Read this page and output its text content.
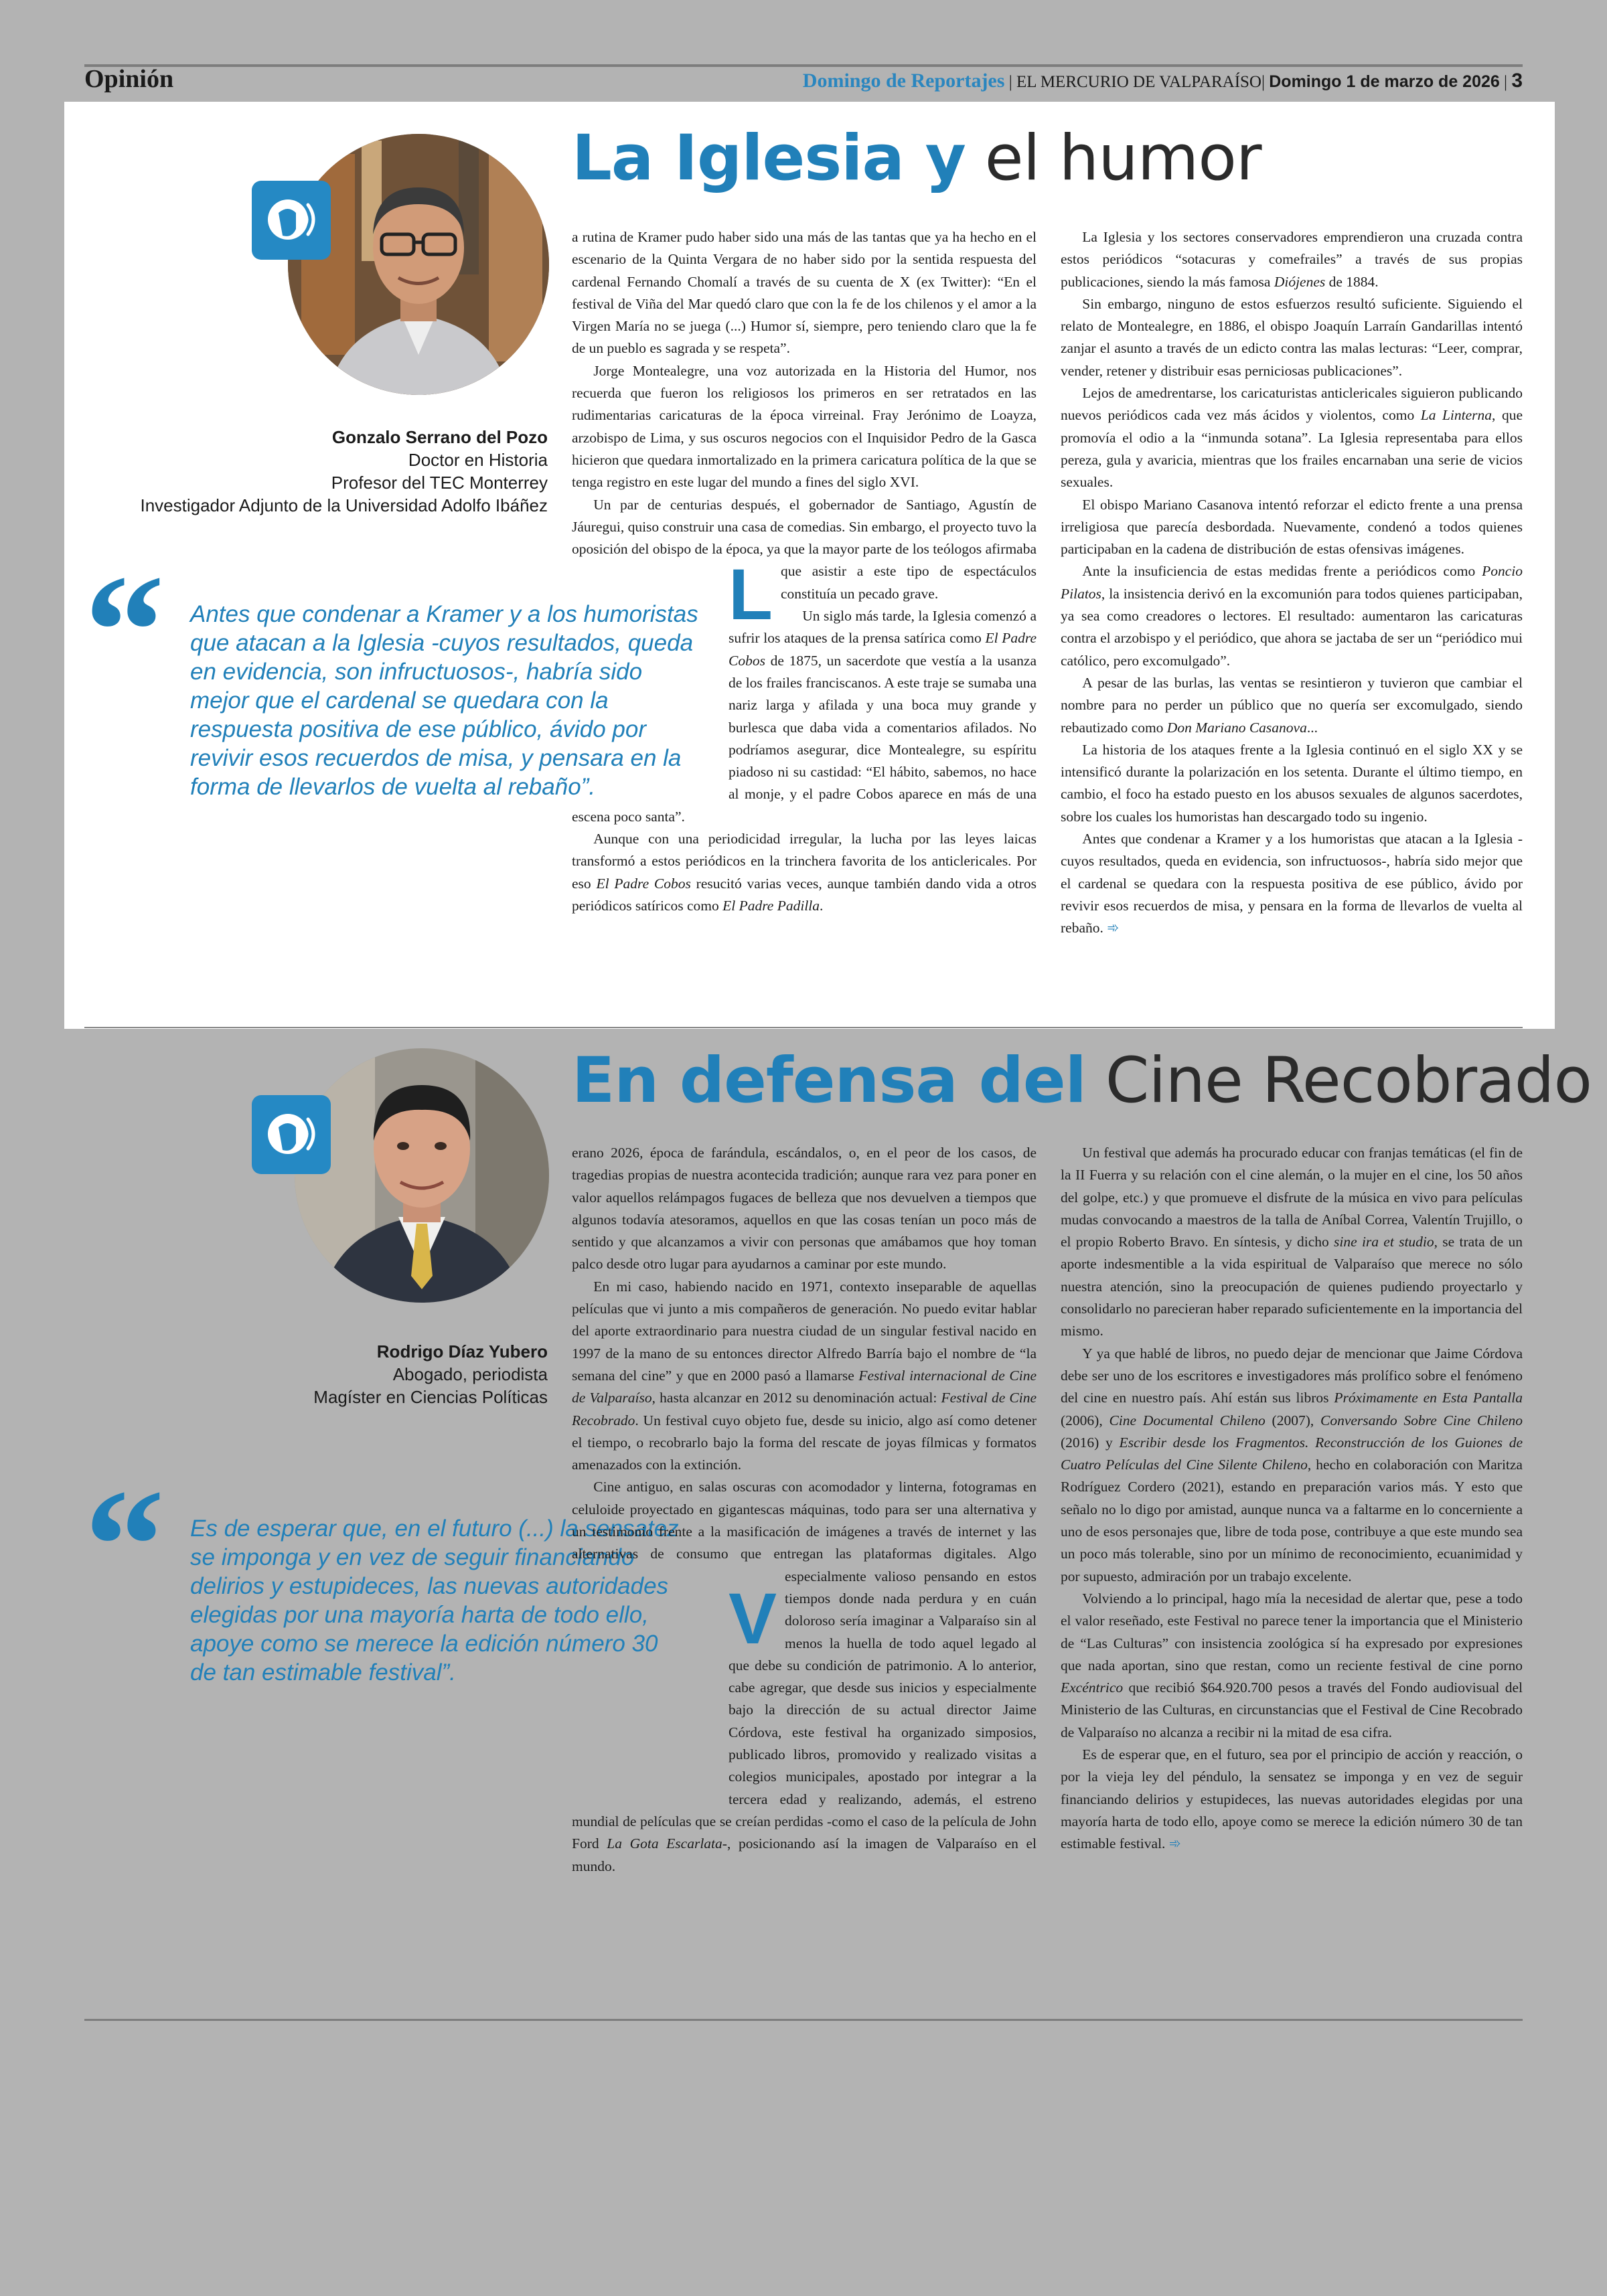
Opinión	Domingo de Reportajes | EL MERCURIO DE VALPARAÍSO| Domingo 1 de marzo de 2026 | 3
La Iglesia y el humor
Gonzalo Serrano del Pozo
Doctor en Historia
Profesor del TEC Monterrey
Investigador Adjunto de la Universidad Adolfo Ibáñez
“ Antes que condenar a Kramer y a los humoristas que atacan a la Iglesia -cuyos resultados, queda en evidencia, son infructuosos-, habría sido mejor que el cardenal se quedara con la respuesta positiva de ese público, ávido por revivir esos recuerdos de misa, y pensara en la forma de llevarlos de vuelta al rebaño”.

L
a rutina de Kramer pudo haber sido una más de las tantas que ya ha hecho en el escenario de la Quinta Vergara de no haber sido por la sentida respuesta del cardenal Fernando Chomalí a través de su cuenta de X (ex Twitter): “En el festival de Viña del Mar quedó claro que con la fe de los chilenos y el amor a la Virgen María no se juega (...) Humor sí, siempre, pero teniendo claro que la fe de un pueblo es sagrada y se respeta”.

Jorge Montealegre, una voz autorizada en la Historia del Humor, nos recuerda que fueron los religiosos los primeros en ser retratados en las rudimentarias caricaturas de la época virreinal. Fray Jerónimo de Loayza, arzobispo de Lima, y sus oscuros negocios con el Inquisidor Pedro de la Gasca hicieron que quedara inmortalizado en la primera caricatura política de la que se tenga registro en este lugar del mundo a fines del siglo XVI.

Un par de centurias después, el gobernador de Santiago, Agustín de Jáuregui, quiso construir una casa de comedias. Sin embargo, el proyecto tuvo la oposición del obispo de la época, ya que la mayor parte de los teólogos afirmaba que asistir a este tipo de espectáculos constituía un pecado grave.

Un siglo más tarde, la Iglesia comenzó a sufrir los ataques de la prensa satírica como El Padre Cobos de 1875, un sacerdote que vestía a la usanza de los frailes franciscanos. A este traje se sumaba una nariz larga y afilada y una boca muy grande y burlesca que daba vida a comentarios afilados. No podríamos asegurar, dice Montealegre, su espíritu piadoso ni su castidad: “El hábito, sabemos, no hace al monje, y el padre Cobos aparece en más de una escena poco santa”.

Aunque con una periodicidad irregular, la lucha por las leyes laicas transformó a estos periódicos en la trinchera favorita de los anticlericales. Por eso El Padre Cobos resucitó varias veces, aunque también dando vida a otros periódicos satíricos como El Padre Padilla.

La Iglesia y los sectores conservadores emprendieron una cruzada contra estos periódicos “sotacuras y comefrailes” a través de sus propias publicaciones, siendo la más famosa Diójenes de 1884.

Sin embargo, ninguno de estos esfuerzos resultó suficiente. Siguiendo el relato de Montealegre, en 1886, el obispo Joaquín Larraín Gandarillas intentó zanjar el asunto a través de un edicto contra las malas lecturas: “Leer, comprar, vender, retener y distribuir esas perniciosas publicaciones”.

Lejos de amedrentarse, los caricaturistas anticlericales siguieron publicando nuevos periódicos cada vez más ácidos y violentos, como La Linterna, que promovía el odio a la “inmunda sotana”. La Iglesia representaba para ellos pereza, gula y avaricia, mientras que los frailes encarnaban una serie de vicios sexuales.

El obispo Mariano Casanova intentó reforzar el edicto frente a una prensa irreligiosa que parecía desbordada. Nuevamente, condenó a todos quienes participaban en la cadena de distribución de estas ofensivas imágenes.

Ante la insuficiencia de estas medidas frente a periódicos como Poncio Pilatos, la insistencia derivó en la excomunión para todos quienes participaban, ya sea como creadores o lectores. El resultado: aumentaron las caricaturas contra el arzobispo y el periódico, que ahora se jactaba de ser un “periódico mui católico, pero excomulgado”.

A pesar de las burlas, las ventas se resintieron y tuvieron que cambiar el nombre para no perder un público que no quería ser excomulgado, siendo rebautizado como Don Mariano Casanova...

La historia de los ataques frente a la Iglesia continuó en el siglo XX y se intensificó durante la polarización en los setenta. Durante el último tiempo, en cambio, el foco ha estado puesto en los abusos sexuales de algunos sacerdotes, sobre los cuales los humoristas han descargado todo su ingenio.

Antes que condenar a Kramer y a los humoristas que atacan a la Iglesia -cuyos resultados, queda en evidencia, son infructuosos-, habría sido mejor que el cardenal se quedara con la respuesta positiva de ese público, ávido por revivir esos recuerdos de misa, y pensara en la forma de llevarlos de vuelta al rebaño. ➾

En defensa del Cine Recobrado
Rodrigo Díaz Yubero
Abogado, periodista
Magíster en Ciencias Políticas
“ Es de esperar que, en el futuro (...) la sensatez se imponga y en vez de seguir financiando delirios y estupideces, las nuevas autoridades elegidas por una mayoría harta de todo ello, apoye como se merece la edición número 30 de tan estimable festival”.

V
erano 2026, época de farándula, escándalos, o, en el peor de los casos, de tragedias propias de nuestra acontecida tradición; aunque rara vez para poner en valor aquellos relámpagos fugaces de belleza que nos devuelven a tiempos que algunos todavía atesoramos, aquellos en que las cosas tenían un poco más de sentido y que alcanzamos a vivir con personas que amábamos que hoy toman palco desde otro lugar para ayudarnos a caminar por este mundo.

En mi caso, habiendo nacido en 1971, contexto inseparable de aquellas películas que vi junto a mis compañeros de generación. No puedo evitar hablar del aporte extraordinario para nuestra ciudad de un singular festival nacido en 1997 de la mano de su entonces director Alfredo Barría bajo el nombre de “la semana del cine” y que en 2000 pasó a llamarse Festival internacional de Cine de Valparaíso, hasta alcanzar en 2012 su denominación actual: Festival de Cine Recobrado. Un festival cuyo objeto fue, desde su inicio, algo así como detener el tiempo, o recobrarlo bajo la forma del rescate de joyas fílmicas y formatos amenazados con la extinción.

Cine antiguo, en salas oscuras con acomodador y linterna, fotogramas en celuloide proyectado en gigantescas máquinas, todo para ser una alternativa y un testimonio frente a la masificación de imágenes a través de internet y las alternativas de consumo que entregan las plataformas digitales. Algo especialmente valioso pensando en estos tiempos donde nada perdura y en cuán doloroso sería imaginar a Valparaíso sin al menos la huella de todo aquel legado al que debe su condición de patrimonio. A lo anterior, cabe agregar, que desde sus inicios y especialmente bajo la dirección de su actual director Jaime Córdova, este festival ha organizado simposios, publicado libros, promovido y realizado visitas a colegios municipales, apostado por integrar a la tercera edad y realizando, además, el estreno mundial de películas que se creían perdidas -como el caso de la película de John Ford La Gota Escarlata-, posicionando así la imagen de Valparaíso en el mundo.

Un festival que además ha procurado educar con franjas temáticas (el fin de la II Fuerra y su relación con el cine alemán, o la mujer en el cine, los 50 años del golpe, etc.) y que promueve el disfrute de la música en vivo para películas mudas convocando a maestros de la talla de Aníbal Correa, Valentín Trujillo, o el propio Roberto Bravo. En síntesis, y dicho sine ira et studio, se trata de un aporte indesmentible a la vida espiritual de Valparaíso que merece no sólo nuestra atención, sino la preocupación de quienes pudiendo proyectarlo y consolidarlo no parecieran haber reparado suficientemente en la importancia del mismo.

Y ya que hablé de libros, no puedo dejar de mencionar que Jaime Córdova debe ser uno de los escritores e investigadores más prolífico sobre el fenómeno del cine en nuestro país. Ahí están sus libros Próximamente en Esta Pantalla (2006), Cine Documental Chileno (2007), Conversando Sobre Cine Chileno (2016) y Escribir desde los Fragmentos. Reconstrucción de los Guiones de Cuatro Películas del Cine Silente Chileno, hecho en colaboración con Maritza Rodríguez Cordero (2021), estando en preparación varios más. Y esto que señalo no lo digo por amistad, aunque nunca va a faltarme en lo concerniente a uno de esos personajes que, libre de toda pose, contribuye a que este mundo sea un poco más tolerable, sino por un mínimo de reconocimiento, ecuanimidad y por supuesto, admiración por un trabajo excelente.

Volviendo a lo principal, hago mía la necesidad de alertar que, pese a todo el valor reseñado, este Festival no parece tener la importancia que el Ministerio de “Las Culturas” con insistencia zoológica sí ha expresado por expresiones que nada aportan, sino que restan, como un reciente festival de cine porno Excéntrico que recibió $64.920.700 pesos a través del Fondo audiovisual del Ministerio de las Culturas, en circunstancias que el Festival de Cine Recobrado de Valparaíso no alcanza a recibir ni la mitad de esa cifra.

Es de esperar que, en el futuro, sea por el principio de acción y reacción, o por la vieja ley del péndulo, la sensatez se imponga y en vez de seguir financiando delirios y estupideces, las nuevas autoridades elegidas por una mayoría harta de todo ello, apoye como se merece la edición número 30 de tan estimable festival. ➾
